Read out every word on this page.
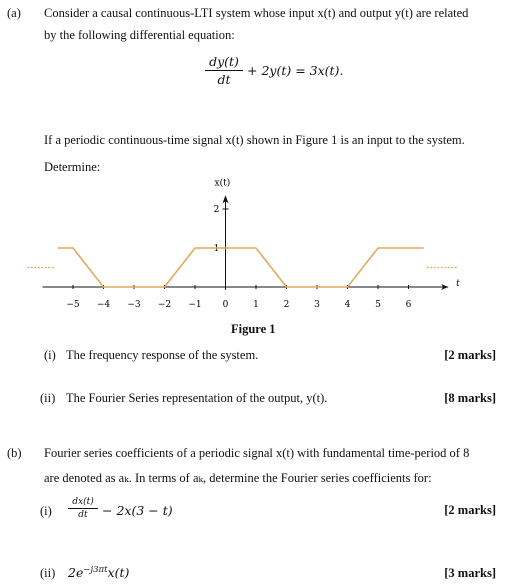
(a) Consider a causal continuous-LTI system whose input x(t) and output y(t) are related
by the following differential equation:
dy(t)
dt
+ 2y(t) = 3x(t).
If a periodic continuous-time signal x(t) shown in Figure 1 is an input to the system.
Determine:
−5 −4 −3 −2 −1 0	1	2	3	4	5	6
1
2
x(t)
t
Figure 1
(i) The frequency response of the system.	[2 marks]
(ii) The Fourier Series representation of the output, y(t).	[8 marks]
(b) Fourier series coefficients of a periodic signal x(t) with fundamental time-period of 8
are denoted as aₖ. In terms of aₖ, determine the Fourier series coefficients for:
(i)
dx(t)
dt	− 2x(3 − t)	[2 marks]
(ii) $2e^{-j3\pi t}x(t)$	[3 marks]
